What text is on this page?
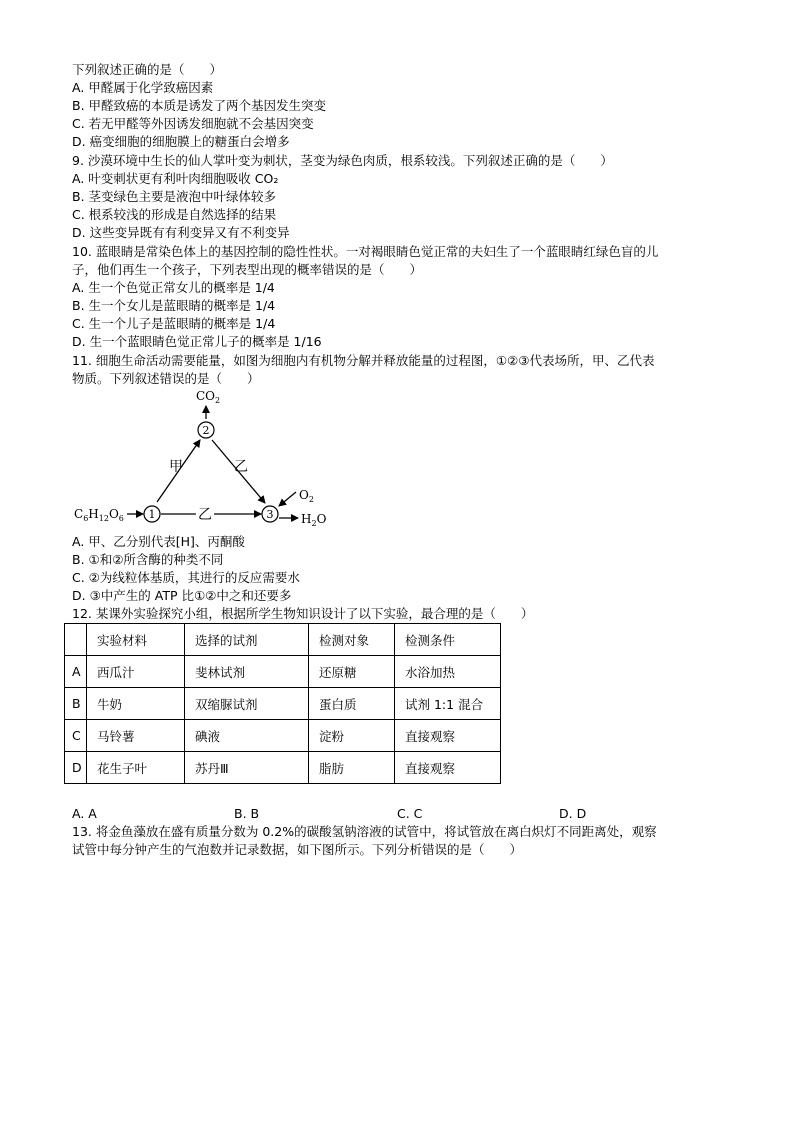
下列叙述正确的是（　　）
A. 甲醛属于化学致癌因素
B. 甲醛致癌的本质是诱发了两个基因发生突变
C. 若无甲醛等外因诱发细胞就不会基因突变
D. 癌变细胞的细胞膜上的糖蛋白会增多
9. 沙漠环境中生长的仙人掌叶变为刺状，茎变为绿色肉质，根系较浅。下列叙述正确的是（　　）
A. 叶变刺状更有利叶肉细胞吸收 CO₂
B. 茎变绿色主要是液泡中叶绿体较多
C. 根系较浅的形成是自然选择的结果
D. 这些变异既有有利变异又有不利变异
10. 蓝眼睛是常染色体上的基因控制的隐性性状。一对褐眼睛色觉正常的夫妇生了一个蓝眼睛红绿色盲的儿
子，他们再生一个孩子，下列表型出现的概率错误的是（　　）
A. 生一个色觉正常女儿的概率是 1/4
B. 生一个女儿是蓝眼睛的概率是 1/4
C. 生一个儿子是蓝眼睛的概率是 1/4
D. 生一个蓝眼睛色觉正常儿子的概率是 1/16
11. 细胞生命活动需要能量，如图为细胞内有机物分解并释放能量的过程图，①②③代表场所，甲、乙代表
物质。下列叙述错误的是（　　）
$CO_2$
2
甲	乙
$C_6H_{12}O_6$ 1	乙	3
$O_2$
$H_2O$
A. 甲、乙分别代表[H]、丙酮酸
B. ①和②所含酶的种类不同
C. ②为线粒体基质，其进行的反应需要水
D. ③中产生的 ATP 比①②中之和还要多
12. 某课外实验探究小组，根据所学生物知识设计了以下实验，最合理的是（　　）
	实验材料	选择的试剂	检测对象	检测条件
A	西瓜汁	斐林试剂	还原糖	水浴加热
B	牛奶	双缩脲试剂	蛋白质	试剂 1:1 混合
C	马铃薯	碘液	淀粉	直接观察
D	花生子叶	苏丹Ⅲ	脂肪	直接观察
A. A	B. B	C. C	D. D
13. 将金鱼藻放在盛有质量分数为 0.2%的碳酸氢钠溶液的试管中，将试管放在离白炽灯不同距离处，观察
试管中每分钟产生的气泡数并记录数据，如下图所示。下列分析错误的是（　　）
